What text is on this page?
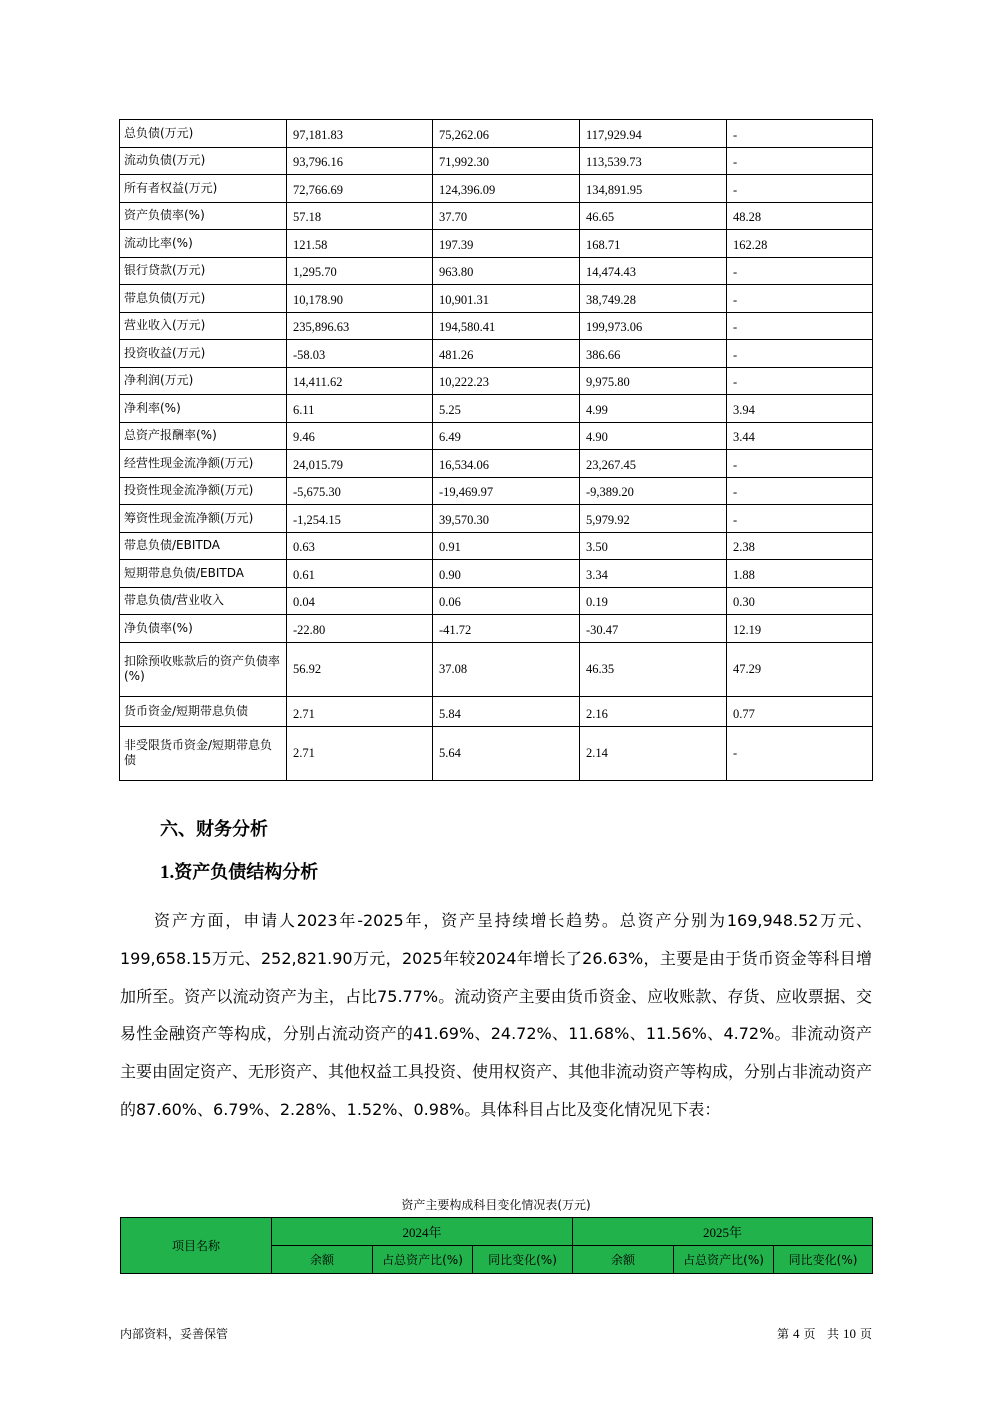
总负债(万元)	97,181.83	75,262.06	117,929.94	-
流动负债(万元)	93,796.16	71,992.30	113,539.73	-
所有者权益(万元)	72,766.69	124,396.09	134,891.95	-
资产负债率(%)	57.18	37.70	46.65	48.28
流动比率(%)	121.58	197.39	168.71	162.28
银行贷款(万元)	1,295.70	963.80	14,474.43	-
带息负债(万元)	10,178.90	10,901.31	38,749.28	-
营业收入(万元)	235,896.63	194,580.41	199,973.06	-
投资收益(万元)	-58.03	481.26	386.66	-
净利润(万元)	14,411.62	10,222.23	9,975.80	-
净利率(%)	6.11	5.25	4.99	3.94
总资产报酬率(%)	9.46	6.49	4.90	3.44
经营性现金流净额(万元)	24,015.79	16,534.06	23,267.45	-
投资性现金流净额(万元)	-5,675.30	-19,469.97	-9,389.20	-
筹资性现金流净额(万元)	-1,254.15	39,570.30	5,979.92	-
带息负债/EBITDA	0.63	0.91	3.50	2.38
短期带息负债/EBITDA	0.61	0.90	3.34	1.88
带息负债/营业收入	0.04	0.06	0.19	0.30
净负债率(%)	-22.80	-41.72	-30.47	12.19
扣除预收账款后的资产负债率(%)	56.92	37.08	46.35	47.29
货币资金/短期带息负债	2.71	5.84	2.16	0.77
非受限货币资金/短期带息负债	2.71	5.64	2.14	-
六、财务分析
1.资产负债结构分析
资产方面，申请人2023年-2025年，资产呈持续增长趋势。总资产分别为169,948.52万元、199,658.15万元、252,821.90万元，2025年较2024年增长了26.63%，主要是由于货币资金等科目增加所至。资产以流动资产为主，占比75.77%。流动资产主要由货币资金、应收账款、存货、应收票据、交易性金融资产等构成，分别占流动资产的41.69%、24.72%、11.68%、11.56%、4.72%。非流动资产主要由固定资产、无形资产、其他权益工具投资、使用权资产、其他非流动资产等构成，分别占非流动资产的87.60%、6.79%、2.28%、1.52%、0.98%。具体科目占比及变化情况见下表：
资产主要构成科目变化情况表(万元)
项目名称	2024年			2025年		
	余额	占总资产比(%)	同比变化(%)	余额	占总资产比(%)	同比变化(%)
内部资料，妥善保管	第 4 页 共 10 页
